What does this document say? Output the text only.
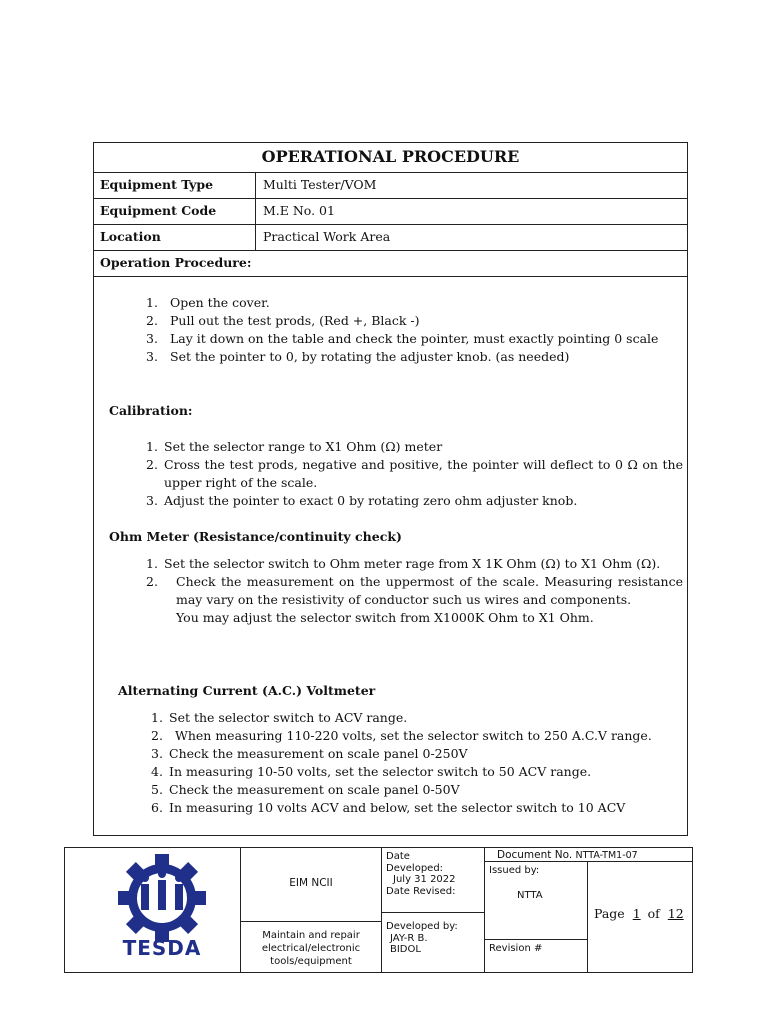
OPERATIONAL PROCEDURE
Equipment Type	Multi Tester/VOM
Equipment Code	M.E No. 01
Location	Practical Work Area
Operation Procedure:
1. Open the cover.
2. Pull out the test prods, (Red +, Black -)
3. Lay it down on the table and check the pointer, must exactly pointing 0 scale
3. Set the pointer to 0, by rotating the adjuster knob. (as needed)
Calibration:
1. Set the selector range to X1 Ohm (Ω) meter
2. Cross the test prods, negative and positive, the pointer will deflect to 0 Ω on the upper right of the scale.
3. Adjust the pointer to exact 0 by rotating zero ohm adjuster knob.
Ohm Meter (Resistance/continuity check)
1. Set the selector switch to Ohm meter rage from X 1K Ohm (Ω) to X1 Ohm (Ω).
2. Check the measurement on the uppermost of the scale. Measuring resistance may vary on the resistivity of conductor such us wires and components.
You may adjust the selector switch from X1000K Ohm to X1 Ohm.
Alternating Current (A.C.) Voltmeter
1. Set the selector switch to ACV range.
2. When measuring 110-220 volts, set the selector switch to 250 A.C.V range.
3. Check the measurement on scale panel 0-250V
4. In measuring 10-50 volts, set the selector switch to 50 ACV range.
5. Check the measurement on scale panel 0-50V
6. In measuring 10 volts ACV and below, set the selector switch to 10 ACV
TESDA
EIM NCII
Maintain and repair electrical/electronic tools/equipment
Date
Developed:
July 31 2022
Date Revised:
Developed by:
JAY-R B. BIDOL
Document No. NTTA-TM1-07
Issued by:
NTTA
Revision #
Page 1 of 12
